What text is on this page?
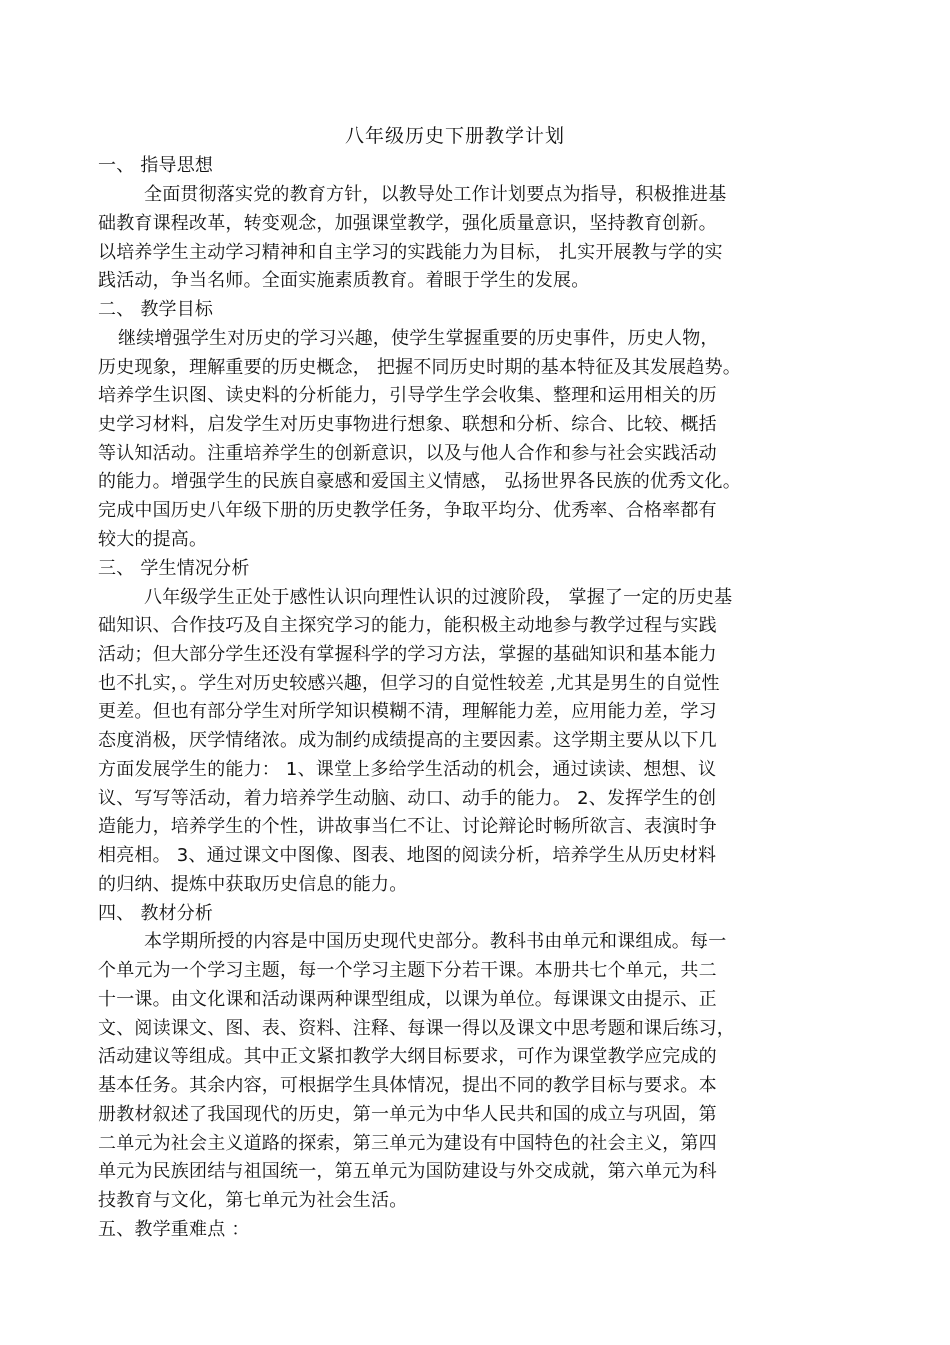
八年级历史下册教学计划
一、 指导思想
全面贯彻落实党的教育方针，以教导处工作计划要点为指导，积极推进基
础教育课程改革，转变观念，加强课堂教学，强化质量意识，坚持教育创新。
以培养学生主动学习精神和自主学习的实践能力为目标， 扎实开展教与学的实
践活动，争当名师。全面实施素质教育。着眼于学生的发展。
二、 教学目标
继续增强学生对历史的学习兴趣，使学生掌握重要的历史事件，历史人物，
历史现象，理解重要的历史概念， 把握不同历史时期的基本特征及其发展趋势。
培养学生识图、读史料的分析能力，引导学生学会收集、整理和运用相关的历
史学习材料，启发学生对历史事物进行想象、联想和分析、综合、比较、概括
等认知活动。注重培养学生的创新意识，以及与他人合作和参与社会实践活动
的能力。增强学生的民族自豪感和爱国主义情感， 弘扬世界各民族的优秀文化。
完成中国历史八年级下册的历史教学任务，争取平均分、优秀率、合格率都有
较大的提高。
三、 学生情况分析
八年级学生正处于感性认识向理性认识的过渡阶段， 掌握了一定的历史基
础知识、合作技巧及自主探究学习的能力，能积极主动地参与教学过程与实践
活动；但大部分学生还没有掌握科学的学习方法，掌握的基础知识和基本能力
也不扎实，。学生对历史较感兴趣，但学习的自觉性较差 ,尤其是男生的自觉性
更差。但也有部分学生对所学知识模糊不清，理解能力差，应用能力差，学习
态度消极，厌学情绪浓。成为制约成绩提高的主要因素。这学期主要从以下几
方面发展学生的能力： 1、课堂上多给学生活动的机会，通过读读、想想、议
议、写写等活动，着力培养学生动脑、动口、动手的能力。 2、发挥学生的创
造能力，培养学生的个性，讲故事当仁不让、讨论辩论时畅所欲言、表演时争
相亮相。 3、通过课文中图像、图表、地图的阅读分析，培养学生从历史材料
的归纳、提炼中获取历史信息的能力。
四、 教材分析
本学期所授的内容是中国历史现代史部分。教科书由单元和课组成。每一
个单元为一个学习主题，每一个学习主题下分若干课。本册共七个单元，共二
十一课。由文化课和活动课两种课型组成，以课为单位。每课课文由提示、正
文、阅读课文、图、表、资料、注释、每课一得以及课文中思考题和课后练习，
活动建议等组成。其中正文紧扣教学大纲目标要求，可作为课堂教学应完成的
基本任务。其余内容，可根据学生具体情况，提出不同的教学目标与要求。本
册教材叙述了我国现代的历史，第一单元为中华人民共和国的成立与巩固，第
二单元为社会主义道路的探索，第三单元为建设有中国特色的社会主义，第四
单元为民族团结与祖国统一，第五单元为国防建设与外交成就，第六单元为科
技教育与文化，第七单元为社会生活。
五、教学重难点 ：
